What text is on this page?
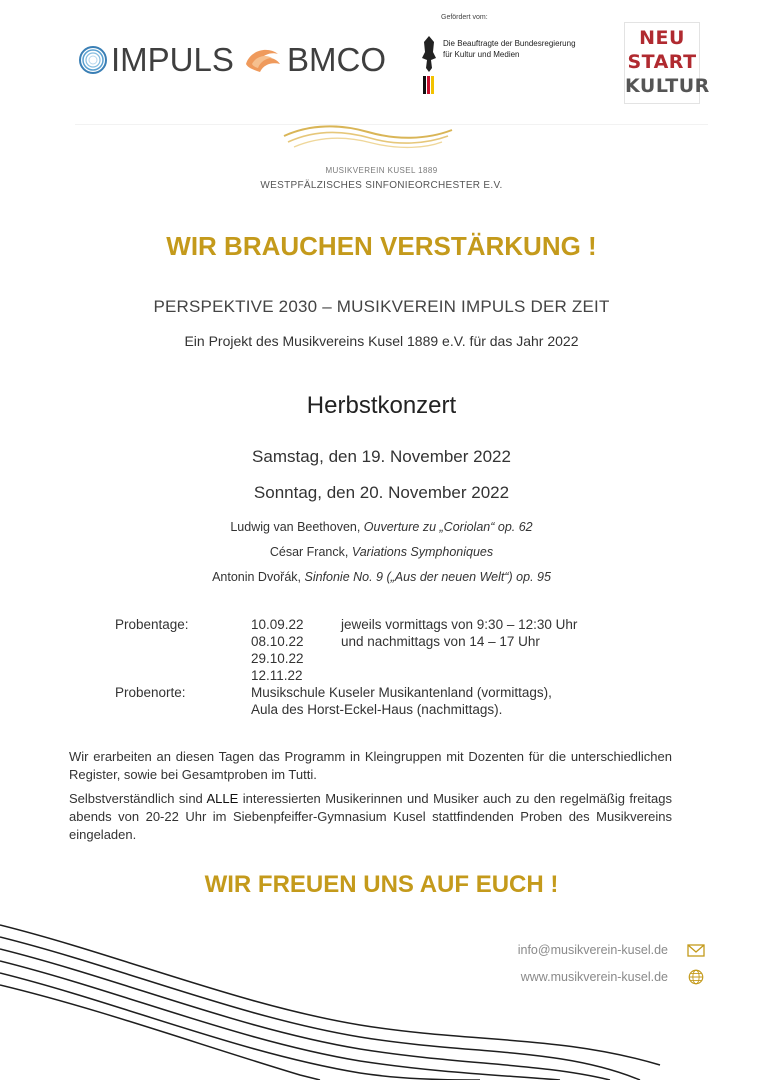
IMPULS BMCO
Gefördert vom:
Die Beauftragte der Bundesregierung
für Kultur und Medien
NEU
START
KULTUR
MUSIKVEREIN KUSEL 1889
WESTPFÄLZISCHES SINFONIEORCHESTER E.V.
WIR BRAUCHEN VERSTÄRKUNG !
PERSPEKTIVE 2030 – MUSIKVEREIN IMPULS DER ZEIT
Ein Projekt des Musikvereins Kusel 1889 e.V. für das Jahr 2022
Herbstkonzert
Samstag, den 19. November 2022
Sonntag, den 20. November 2022
Ludwig van Beethoven, Ouverture zu „Coriolan“ op. 62
César Franck, Variations Symphoniques
Antonin Dvořák, Sinfonie No. 9 („Aus der neuen Welt“) op. 95
Probentage:	10.09.22
08.10.22
29.10.22
12.11.22
jeweils vormittags von 9:30 – 12:30 Uhr
und nachmittags von 14 – 17 Uhr
Probenorte:	Musikschule Kuseler Musikantenland (vormittags),
Aula des Horst-Eckel-Haus (nachmittags).
Wir erarbeiten an diesen Tagen das Programm in Kleingruppen mit Dozenten für die unterschiedlichen Register, sowie bei Gesamtproben im Tutti.
Selbstverständlich sind ALLE interessierten Musikerinnen und Musiker auch zu den regelmäßig freitags abends von 20-22 Uhr im Siebenpfeiffer-Gymnasium Kusel stattfindenden Proben des Musikvereins eingeladen.
WIR FREUEN UNS AUF EUCH !
info@musikverein-kusel.de
www.musikverein-kusel.de
